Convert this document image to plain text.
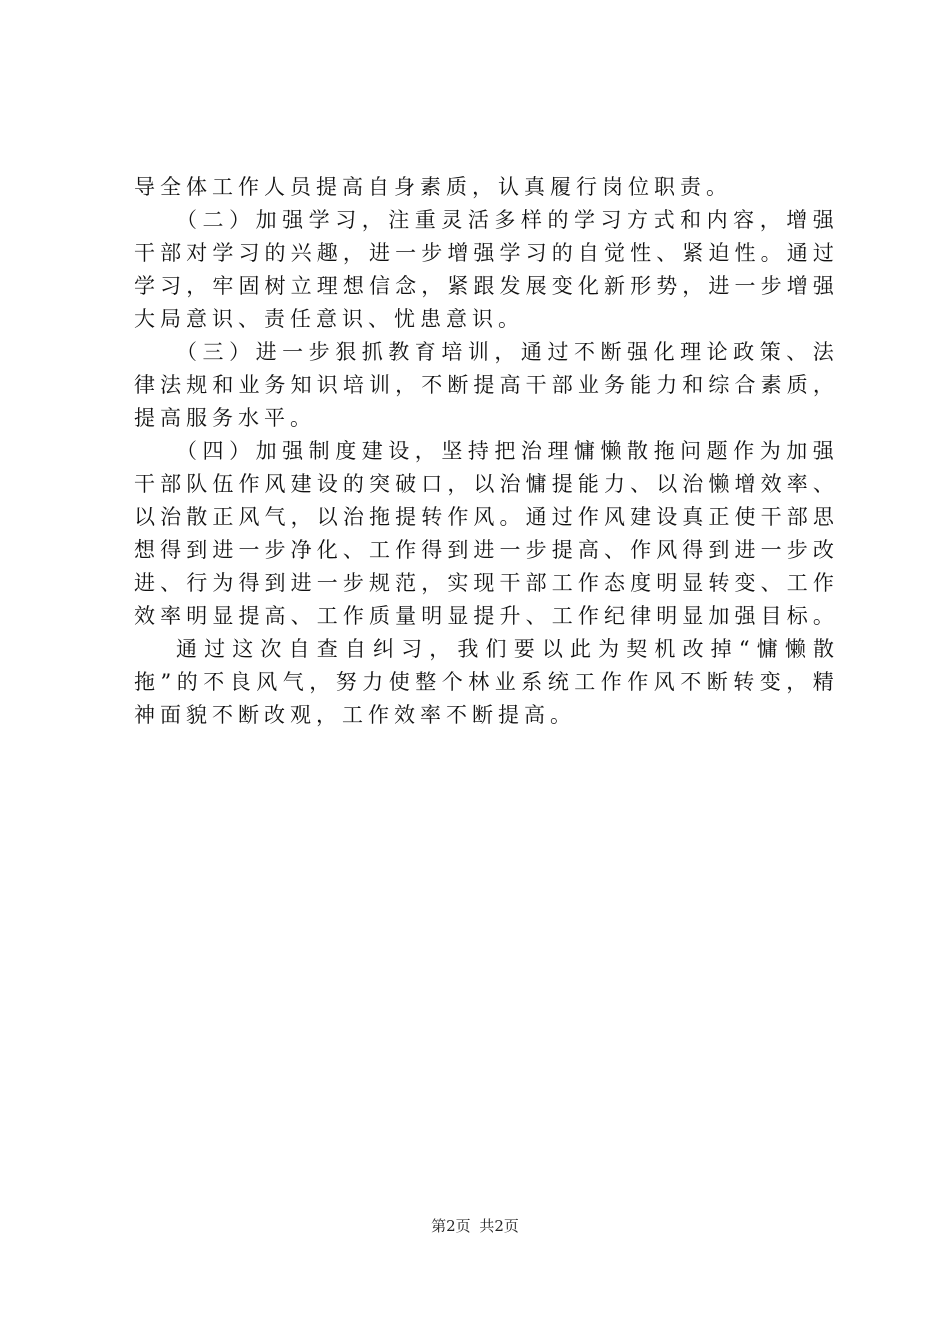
导全体工作人员提高自身素质，认真履行岗位职责。
（ 二 ） 加 强 学 习 ， 注 重 灵 活 多 样 的 学 习 方 式 和 内 容 ， 增 强
干 部 对 学 习 的 兴 趣 ， 进 一 步 增 强 学 习 的 自 觉 性 、 紧 迫 性 。 通 过
学 习 ， 牢 固 树 立 理 想 信 念 ， 紧 跟 发 展 变 化 新 形 势 ， 进 一 步 增 强
大局意识、责任意识、忧患意识。
（ 三 ） 进 一 步 狠 抓 教 育 培 训 ， 通 过 不 断 强 化 理 论 政 策 、 法
律 法 规 和 业 务 知 识 培 训 ， 不 断 提 高 干 部 业 务 能 力 和 综 合 素 质 ，
提高服务水平。
（ 四 ） 加 强 制 度 建 设 ， 坚 持 把 治 理 慵 懒 散 拖 问 题 作 为 加 强
干 部 队 伍 作 风 建 设 的 突 破 口 ， 以 治 慵 提 能 力 、 以 治 懒 增 效 率 、
以 治 散 正 风 气 ， 以 治 拖 提 转 作 风 。 通 过 作 风 建 设 真 正 使 干 部 思
想 得 到 进 一 步 净 化 、 工 作 得 到 进 一 步 提 高 、 作 风 得 到 进 一 步 改
进 、 行 为 得 到 进 一 步 规 范 ， 实 现 干 部 工 作 态 度 明 显 转 变 、 工 作
效 率 明 显 提 高 、 工 作 质 量 明 显 提 升 、 工 作 纪 律 明 显 加 强 目 标 。
通 过 这 次 自 查 自 纠 习 ， 我 们 要 以 此 为 契 机 改 掉 “ 慵 懒 散
拖 ” 的 不 良 风 气 ， 努 力 使 整 个 林 业 系 统 工 作 作 风 不 断 转 变 ， 精
神面貌不断改观，工作效率不断提高。
第2页 共2页
